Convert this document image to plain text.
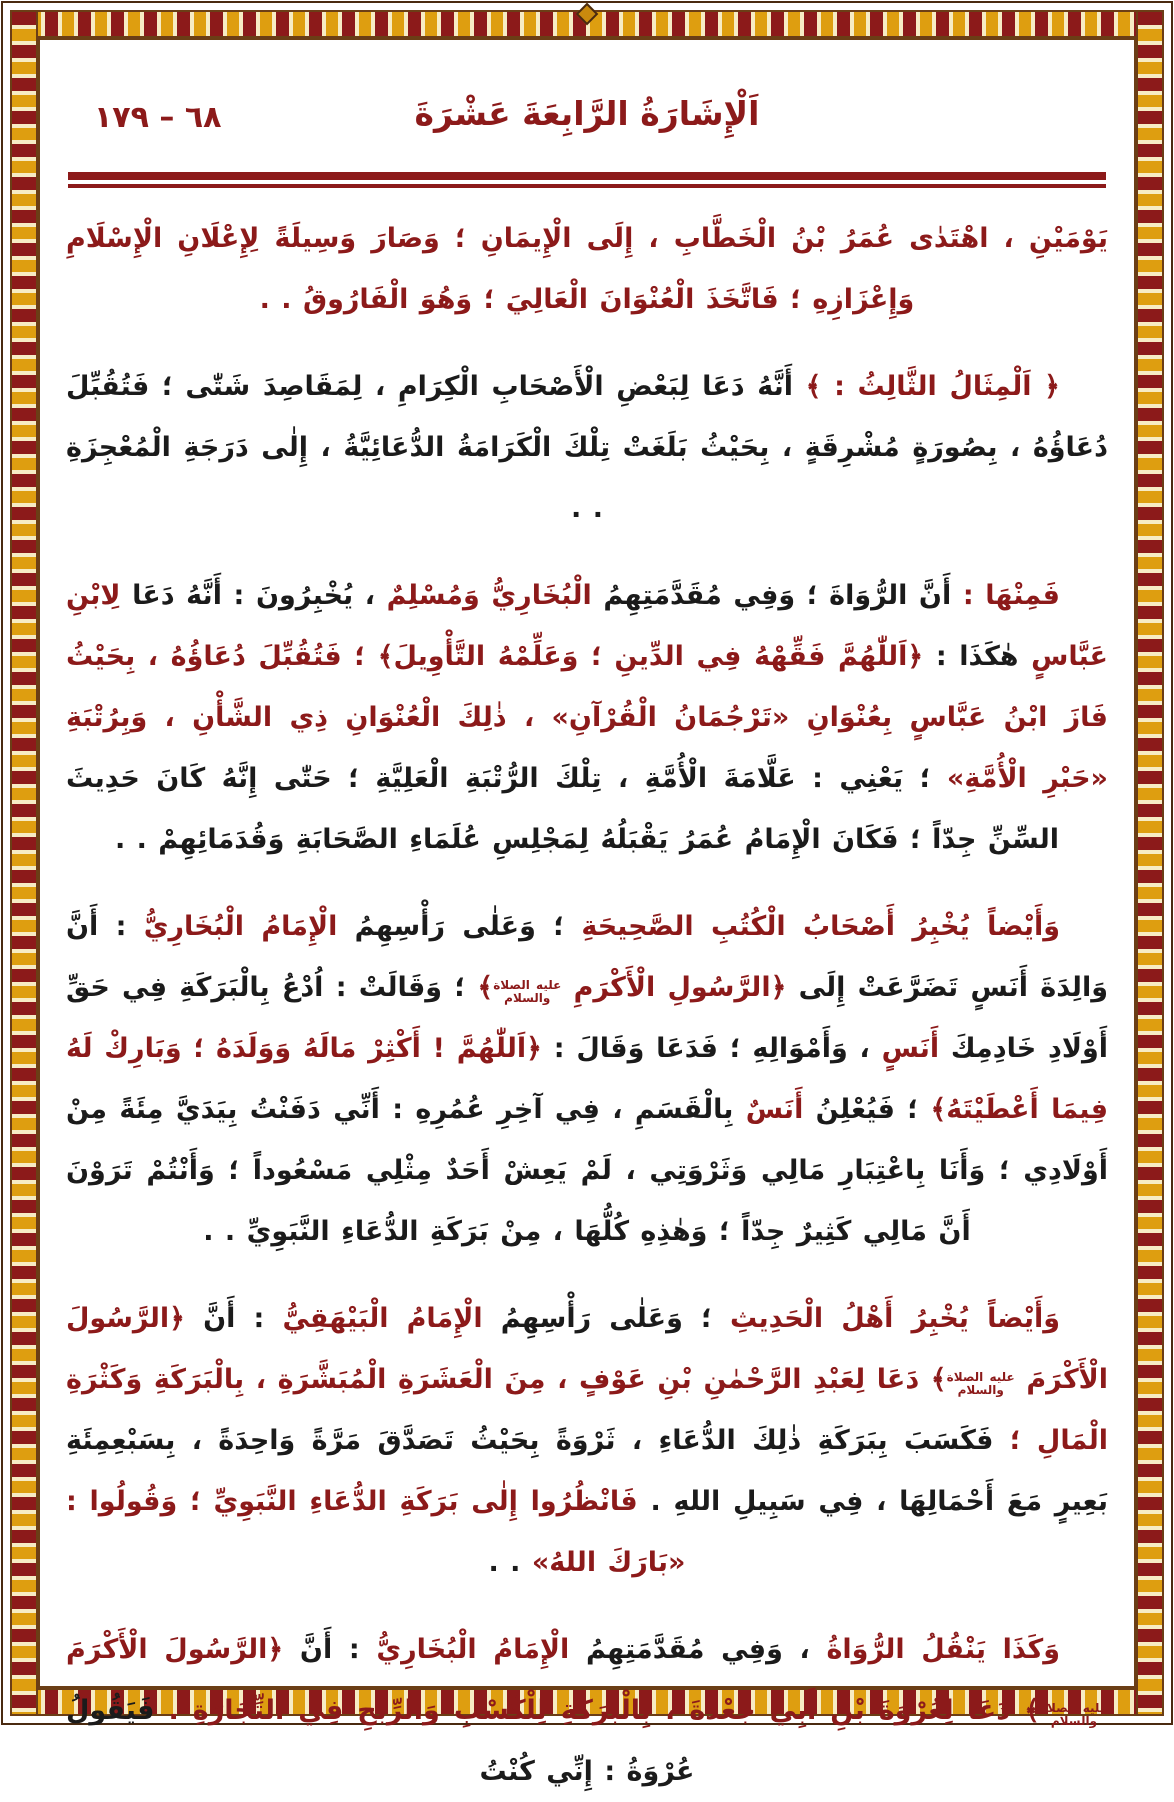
٦٨ – ١٧٩	اَلْإِشَارَةُ الرَّابِعَةَ عَشْرَةَ

يَوْمَيْنِ ، اهْتَدٰى عُمَرُ بْنُ الْخَطَّابِ ، إِلَى الْإِيمَانِ ؛ وَصَارَ وَسِيلَةً لِإِعْلَانِ الْإِسْلَامِ وَإِعْزَازِهِ ؛ فَاتَّخَذَ الْعُنْوَانَ الْعَالِيَ ؛ وَهُوَ الْفَارُوقُ . .

﴿ اَلْمِثَالُ الثَّالِثُ : ﴾ أَنَّهُ دَعَا لِبَعْضِ الْأَصْحَابِ الْكِرَامِ ، لِمَقَاصِدَ شَتّٰى ؛ فَتُقُبِّلَ دُعَاؤُهُ ، بِصُورَةٍ مُشْرِقَةٍ ، بِحَيْثُ بَلَغَتْ تِلْكَ الْكَرَامَةُ الدُّعَائِيَّةُ ، إِلٰى دَرَجَةِ الْمُعْجِزَةِ . .

فَمِنْهَا : أَنَّ الرُّوَاةَ ؛ وَفِي مُقَدَّمَتِهِمُ الْبُخَارِيُّ وَمُسْلِمٌ ، يُخْبِرُونَ : أَنَّهُ دَعَا لِابْنِ عَبَّاسٍ هٰكَذَا : ﴿اَللّٰهُمَّ فَقِّهْهُ فِي الدِّينِ ؛ وَعَلِّمْهُ التَّأْوِيلَ﴾ ؛ فَتُقُبِّلَ دُعَاؤُهُ ، بِحَيْثُ فَازَ ابْنُ عَبَّاسٍ بِعُنْوَانِ «تَرْجُمَانُ الْقُرْآنِ» ، ذٰلِكَ الْعُنْوَانِ ذِي الشَّأْنِ ، وَبِرُتْبَةِ «حَبْرِ الْأُمَّةِ» ؛ يَعْنِي : عَلَّامَةَ الْأُمَّةِ ، تِلْكَ الرُّتْبَةِ الْعَلِيَّةِ ؛ حَتّٰى إِنَّهُ كَانَ حَدِيثَ السِّنِّ جِدّاً ؛ فَكَانَ الْإِمَامُ عُمَرُ يَقْبَلُهُ لِمَجْلِسِ عُلَمَاءِ الصَّحَابَةِ وَقُدَمَائِهِمْ . .

وَأَيْضاً يُخْبِرُ أَصْحَابُ الْكُتُبِ الصَّحِيحَةِ ؛ وَعَلٰى رَأْسِهِمُ الْإِمَامُ الْبُخَارِيُّ : أَنَّ وَالِدَةَ أَنَسٍ تَضَرَّعَتْ إِلَى ﴿الرَّسُولِ الْأَكْرَمِ عليه الصلاة
والسلام﴾ ؛ وَقَالَتْ : اُدْعُ بِالْبَرَكَةِ فِي حَقِّ أَوْلَادِ خَادِمِكَ أَنَسٍ ، وَأَمْوَالِهِ ؛ فَدَعَا وَقَالَ : ﴿اَللّٰهُمَّ ! أَكْثِرْ مَالَهُ وَوَلَدَهُ ؛ وَبَارِكْ لَهُ فِيمَا أَعْطَيْتَهُ﴾ ؛ فَيُعْلِنُ أَنَسٌ بِالْقَسَمِ ، فِي آخِرِ عُمُرِهِ : أَنِّي دَفَنْتُ بِيَدَيَّ مِئَةً مِنْ أَوْلَادِي ؛ وَأَنَا بِاعْتِبَارِ مَالِي وَثَرْوَتِي ، لَمْ يَعِشْ أَحَدٌ مِثْلِي مَسْعُوداً ؛ وَأَنْتُمْ تَرَوْنَ أَنَّ مَالِي كَثِيرٌ جِدّاً ؛ وَهٰذِهِ كُلُّهَا ، مِنْ بَرَكَةِ الدُّعَاءِ النَّبَوِيِّ . .

وَأَيْضاً يُخْبِرُ أَهْلُ الْحَدِيثِ ؛ وَعَلٰى رَأْسِهِمُ الْإِمَامُ الْبَيْهَقِيُّ : أَنَّ ﴿الرَّسُولَ الْأَكْرَمَ عليه الصلاة
والسلام﴾ دَعَا لِعَبْدِ الرَّحْمٰنِ بْنِ عَوْفٍ ، مِنَ الْعَشَرَةِ الْمُبَشَّرَةِ ، بِالْبَرَكَةِ وَكَثْرَةِ الْمَالِ ؛ فَكَسَبَ بِبَرَكَةِ ذٰلِكَ الدُّعَاءِ ، ثَرْوَةً بِحَيْثُ تَصَدَّقَ مَرَّةً وَاحِدَةً ، بِسَبْعِمِئَةِ بَعِيرٍ مَعَ أَحْمَالِهَا ، فِي سَبِيلِ اللهِ . فَانْظُرُوا إِلٰى بَرَكَةِ الدُّعَاءِ النَّبَوِيِّ ؛ وَقُولُوا : «بَارَكَ اللهُ» . .

وَكَذَا يَنْقُلُ الرُّوَاةُ ، وَفِي مُقَدَّمَتِهِمُ الْإِمَامُ الْبُخَارِيُّ : أَنَّ ﴿الرَّسُولَ الْأَكْرَمَ عليه الصلاة
والسلام﴾ دَعَا لِعُرْوَةَ بْنِ أَبِي جَعْدَةَ ، بِالْبَرَكَةِ لِلْكَسْبِ وَالرِّبْحِ فِي التِّجَارَةِ . فَيَقُولُ عُرْوَةُ : إِنِّي كُنْتُ
